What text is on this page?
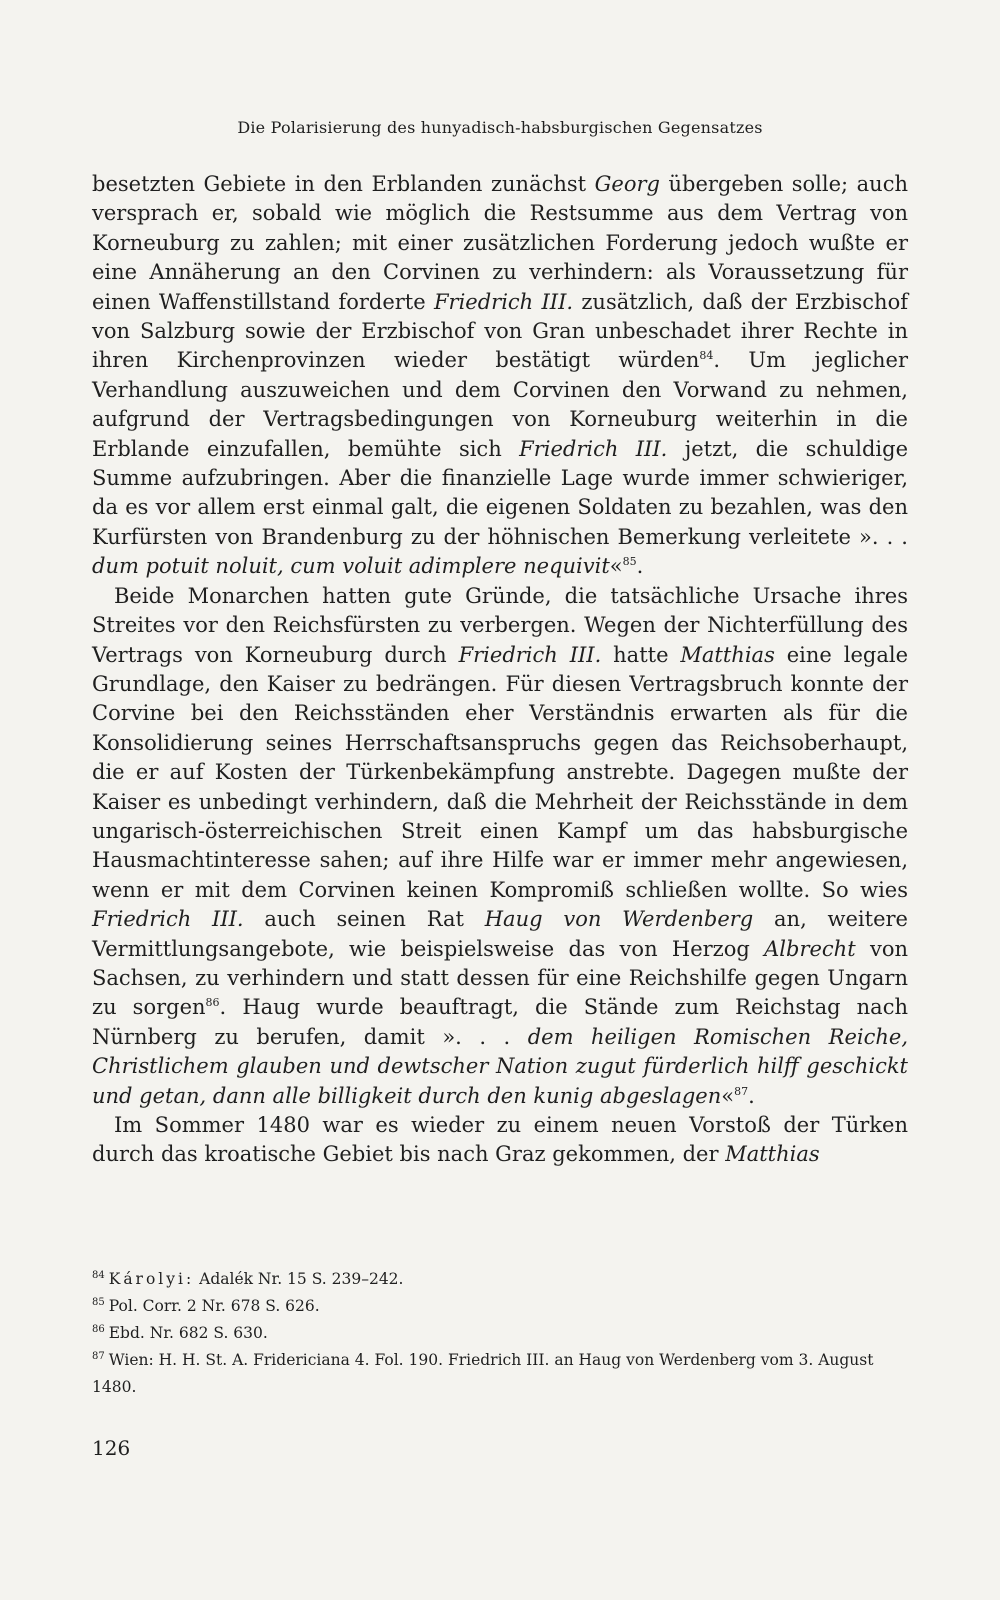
Die Polarisierung des hunyadisch-habsburgischen Gegensatzes

besetzten Gebiete in den Erblanden zunächst Georg übergeben solle; auch versprach er, sobald wie möglich die Restsumme aus dem Vertrag von Korneuburg zu zahlen; mit einer zusätzlichen Forderung jedoch wußte er eine Annäherung an den Corvinen zu verhindern: als Voraussetzung für einen Waffenstillstand forderte Friedrich III. zusätzlich, daß der Erzbischof von Salzburg sowie der Erzbischof von Gran unbeschadet ihrer Rechte in ihren Kirchenprovinzen wieder bestätigt würden$^{84}$. Um jeglicher Verhandlung auszuweichen und dem Corvinen den Vorwand zu nehmen, aufgrund der Vertragsbedingungen von Korneuburg weiterhin in die Erblande einzufallen, bemühte sich Friedrich III. jetzt, die schuldige Summe aufzubringen. Aber die finanzielle Lage wurde immer schwieriger, da es vor allem erst einmal galt, die eigenen Soldaten zu bezahlen, was den Kurfürsten von Brandenburg zu der höhnischen Bemerkung verleitete ». . . dum potuit noluit, cum voluit adimplere nequivit«$^{85}$.

Beide Monarchen hatten gute Gründe, die tatsächliche Ursache ihres Streites vor den Reichsfürsten zu verbergen. Wegen der Nichterfüllung des Vertrags von Korneuburg durch Friedrich III. hatte Matthias eine legale Grundlage, den Kaiser zu bedrängen. Für diesen Vertragsbruch konnte der Corvine bei den Reichsständen eher Verständnis erwarten als für die Konsolidierung seines Herrschaftsanspruchs gegen das Reichsoberhaupt, die er auf Kosten der Türkenbekämpfung anstrebte. Dagegen mußte der Kaiser es unbedingt verhindern, daß die Mehrheit der Reichsstände in dem ungarisch-österreichischen Streit einen Kampf um das habsburgische Hausmachtinteresse sahen; auf ihre Hilfe war er immer mehr angewiesen, wenn er mit dem Corvinen keinen Kompromiß schließen wollte. So wies Friedrich III. auch seinen Rat Haug von Werdenberg an, weitere Vermittlungsangebote, wie beispielsweise das von Herzog Albrecht von Sachsen, zu verhindern und statt dessen für eine Reichshilfe gegen Ungarn zu sorgen$^{86}$. Haug wurde beauftragt, die Stände zum Reichstag nach Nürnberg zu berufen, damit ». . . dem heiligen Romischen Reiche, Christlichem glauben und dewtscher Nation zugut fürderlich hilff geschickt und getan, dann alle billigkeit durch den kunig abgeslagen«$^{87}$.

Im Sommer 1480 war es wieder zu einem neuen Vorstoß der Türken durch das kroatische Gebiet bis nach Graz gekommen, der Matthias

$^{84}$ Károlyi: Adalék Nr. 15 S. 239–242.

$^{85}$ Pol. Corr. 2 Nr. 678 S. 626.

$^{86}$ Ebd. Nr. 682 S. 630.

$^{87}$ Wien: H. H. St. A. Fridericiana 4. Fol. 190. Friedrich III. an Haug von Werdenberg vom 3. August 1480.

126
